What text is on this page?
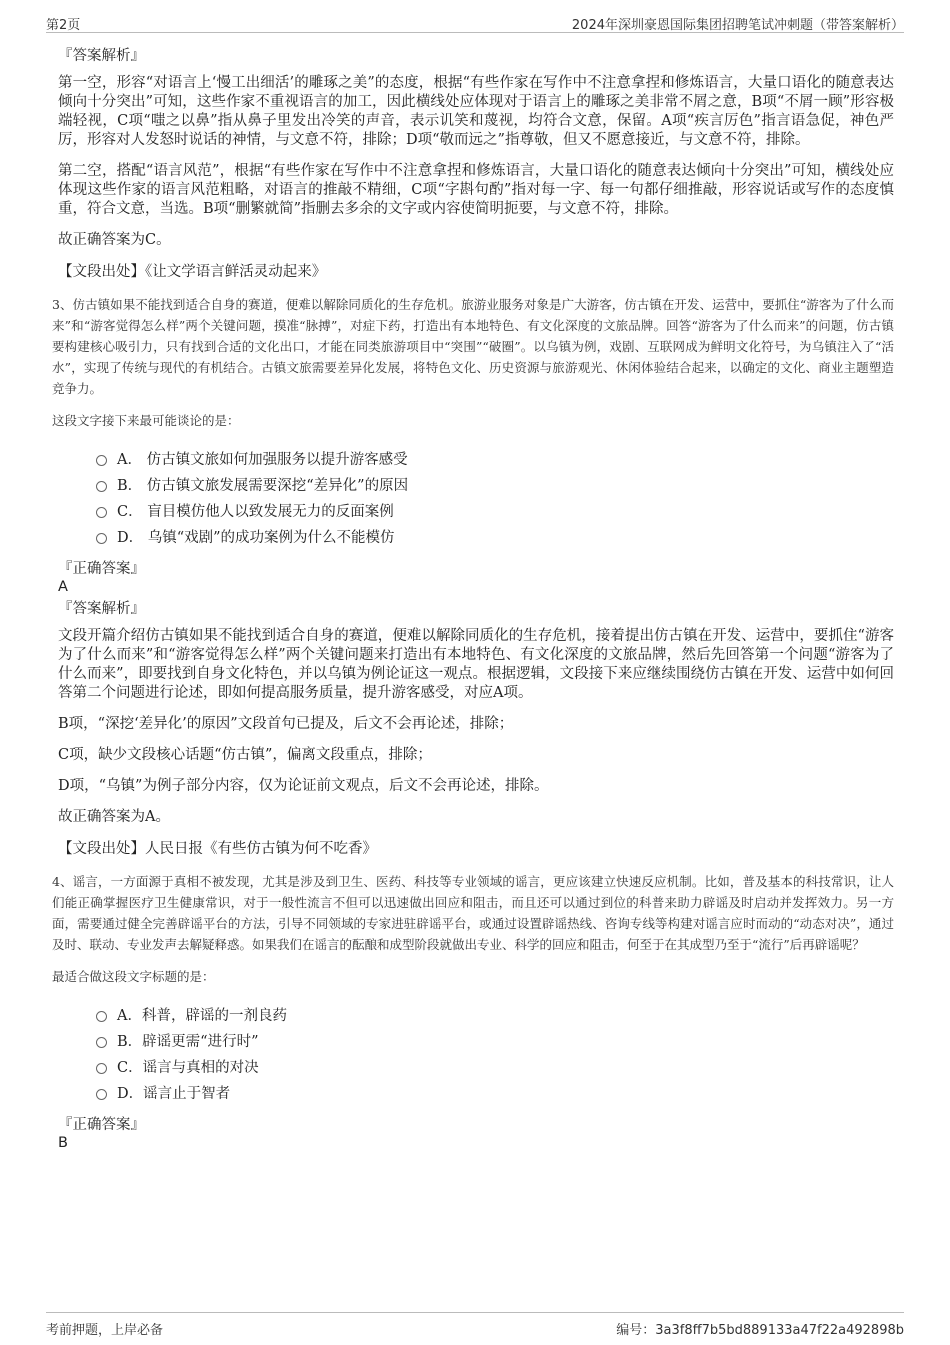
第2页	2024年深圳豪恩国际集团招聘笔试冲刺题（带答案解析）
『答案解析』

第一空，形容“对语言上‘慢工出细活’的雕琢之美”的态度，根据“有些作家在写作中不注意拿捏和修炼语言，大量口语化的随意表达倾向十分突出”可知，这些作家不重视语言的加工，因此横线处应体现对于语言上的雕琢之美非常不屑之意，B项“不屑一顾”形容极端轻视，C项“嗤之以鼻”指从鼻子里发出冷笑的声音，表示讥笑和蔑视，均符合文意，保留。A项“疾言厉色”指言语急促，神色严厉，形容对人发怒时说话的神情，与文意不符，排除；D项“敬而远之”指尊敬，但又不愿意接近，与文意不符，排除。

第二空，搭配“语言风范”，根据“有些作家在写作中不注意拿捏和修炼语言，大量口语化的随意表达倾向十分突出”可知，横线处应体现这些作家的语言风范粗略，对语言的推敲不精细，C项“字斟句酌”指对每一字、每一句都仔细推敲，形容说话或写作的态度慎重，符合文意，当选。B项“删繁就简”指删去多余的文字或内容使简明扼要，与文意不符，排除。

故正确答案为C。

【文段出处】《让文学语言鲜活灵动起来》

3、仿古镇如果不能找到适合自身的赛道，便难以解除同质化的生存危机。旅游业服务对象是广大游客，仿古镇在开发、运营中，要抓住“游客为了什么而来”和“游客觉得怎么样”两个关键问题，摸准“脉搏”，对症下药，打造出有本地特色、有文化深度的文旅品牌。回答“游客为了什么而来”的问题，仿古镇要构建核心吸引力，只有找到合适的文化出口，才能在同类旅游项目中“突围”“破圈”。以乌镇为例，戏剧、互联网成为鲜明文化符号，为乌镇注入了“活水”，实现了传统与现代的有机结合。古镇文旅需要差异化发展，将特色文化、历史资源与旅游观光、休闲体验结合起来，以确定的文化、商业主题塑造竞争力。

这段文字接下来最可能谈论的是：
A． 仿古镇文旅如何加强服务以提升游客感受
B． 仿古镇文旅发展需要深挖“差异化”的原因
C． 盲目模仿他人以致发展无力的反面案例
D． 乌镇“戏剧”的成功案例为什么不能模仿
『正确答案』
A
『答案解析』

文段开篇介绍仿古镇如果不能找到适合自身的赛道，便难以解除同质化的生存危机，接着提出仿古镇在开发、运营中，要抓住“游客为了什么而来”和“游客觉得怎么样”两个关键问题来打造出有本地特色、有文化深度的文旅品牌，然后先回答第一个问题“游客为了什么而来”，即要找到自身文化特色，并以乌镇为例论证这一观点。根据逻辑，文段接下来应继续围绕仿古镇在开发、运营中如何回答第二个问题进行论述，即如何提高服务质量，提升游客感受，对应A项。

B项，“深挖‘差异化’的原因”文段首句已提及，后文不会再论述，排除；

C项，缺少文段核心话题“仿古镇”，偏离文段重点，排除；

D项，“乌镇”为例子部分内容，仅为论证前文观点，后文不会再论述，排除。

故正确答案为A。

【文段出处】人民日报《有些仿古镇为何不吃香》

4、谣言，一方面源于真相不被发现，尤其是涉及到卫生、医药、科技等专业领域的谣言，更应该建立快速反应机制。比如，普及基本的科技常识，让人们能正确掌握医疗卫生健康常识，对于一般性流言不但可以迅速做出回应和阻击，而且还可以通过到位的科普来助力辟谣及时启动并发挥效力。另一方面，需要通过健全完善辟谣平台的方法，引导不同领域的专家进驻辟谣平台，或通过设置辟谣热线、咨询专线等构建对谣言应时而动的“动态对决”，通过及时、联动、专业发声去解疑释惑。如果我们在谣言的酝酿和成型阶段就做出专业、科学的回应和阻击，何至于在其成型乃至于“流行”后再辟谣呢？

最适合做这段文字标题的是：
A．科普，辟谣的一剂良药
B．辟谣更需“进行时”
C．谣言与真相的对决
D．谣言止于智者
『正确答案』
B
考前押题，上岸必备	编号：3a3f8ff7b5bd889133a47f22a492898b
